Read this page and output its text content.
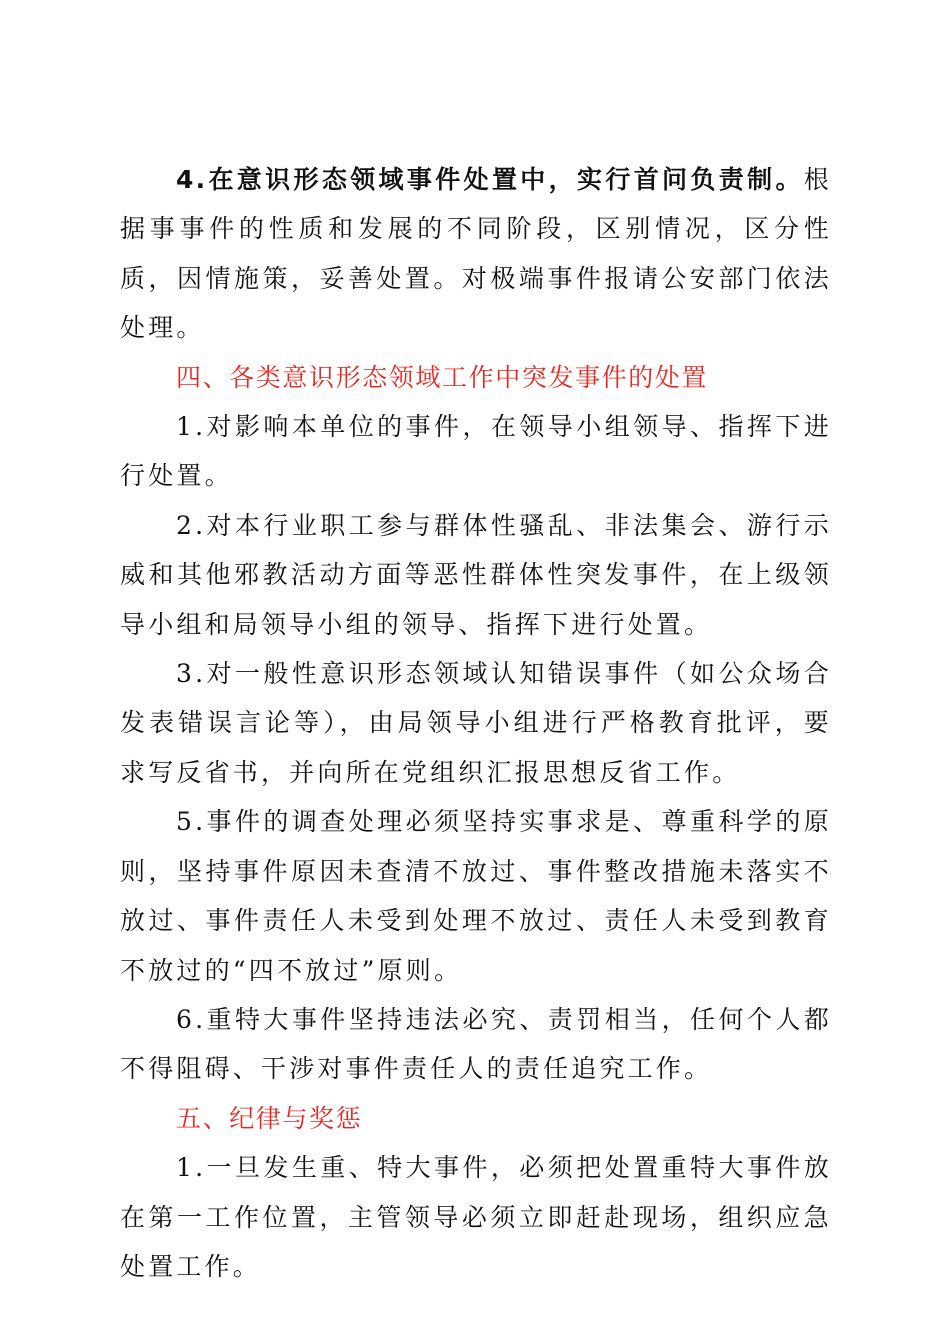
4.在意识形态领域事件处置中，实行首问负责制。根据事事件的性质和发展的不同阶段，区别情况，区分性质，因情施策，妥善处置。对极端事件报请公安部门依法处理。

四、各类意识形态领域工作中突发事件的处置

1.对影响本单位的事件，在领导小组领导、指挥下进行处置。

2.对本行业职工参与群体性骚乱、非法集会、游行示威和其他邪教活动方面等恶性群体性突发事件，在上级领导小组和局领导小组的领导、指挥下进行处置。

3.对一般性意识形态领域认知错误事件（如公众场合发表错误言论等），由局领导小组进行严格教育批评，要求写反省书，并向所在党组织汇报思想反省工作。

5.事件的调查处理必须坚持实事求是、尊重科学的原则，坚持事件原因未查清不放过、事件整改措施未落实不放过、事件责任人未受到处理不放过、责任人未受到教育不放过的“四不放过”原则。

6.重特大事件坚持违法必究、责罚相当，任何个人都不得阻碍、干涉对事件责任人的责任追究工作。

五、纪律与奖惩

1.一旦发生重、特大事件，必须把处置重特大事件放在第一工作位置，主管领导必须立即赶赴现场，组织应急处置工作。
